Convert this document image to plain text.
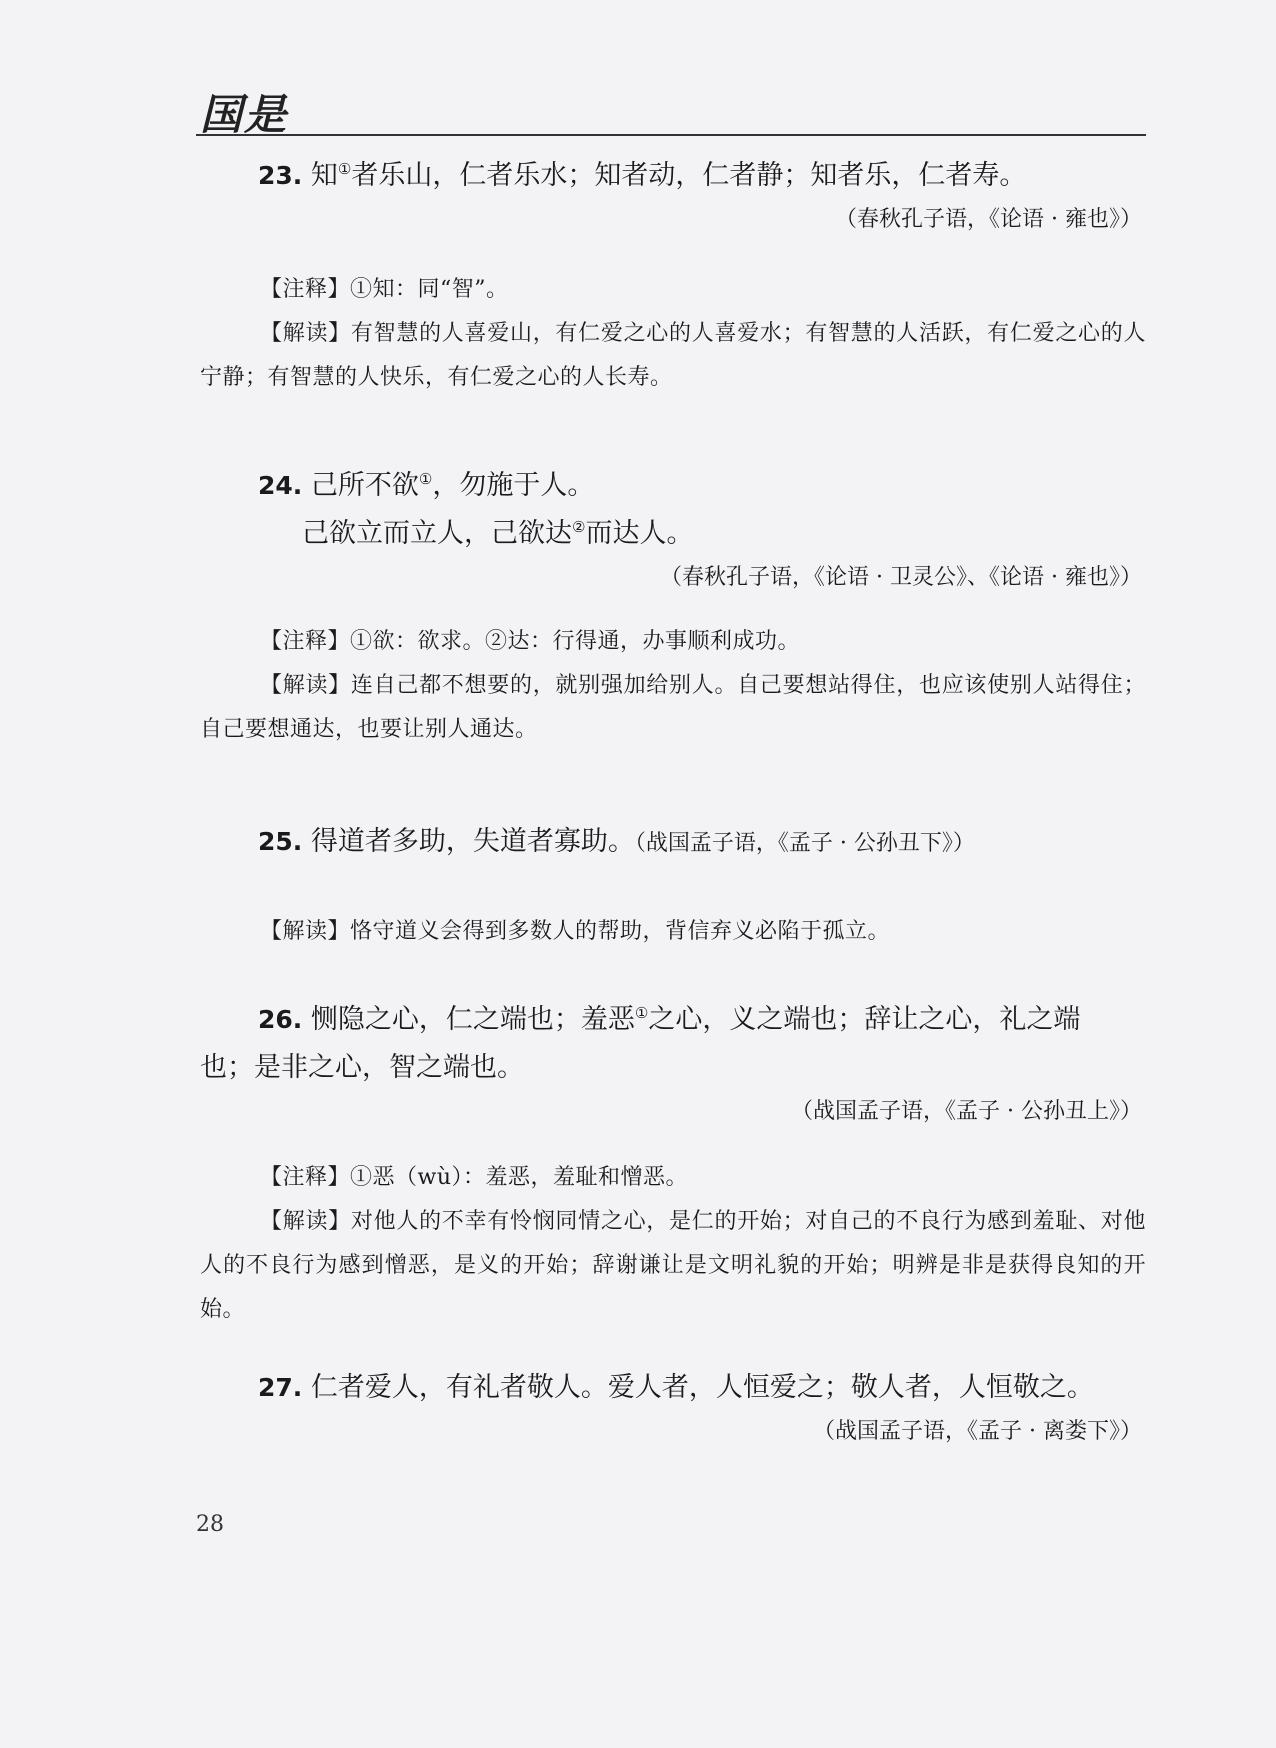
国是
23. 知①者乐山，仁者乐水；知者动，仁者静；知者乐，仁者寿。
（春秋孔子语，《论语 · 雍也》）
【注释】①知：同“智”。
【解读】有智慧的人喜爱山，有仁爱之心的人喜爱水；有智慧的人活跃，有仁爱之心的人宁静；有智慧的人快乐，有仁爱之心的人长寿。
24. 己所不欲①，勿施于人。
己欲立而立人，己欲达②而达人。
（春秋孔子语，《论语 · 卫灵公》、《论语 · 雍也》）
【注释】①欲：欲求。②达：行得通，办事顺利成功。
【解读】连自己都不想要的，就别强加给别人。自己要想站得住，也应该使别人站得住；自己要想通达，也要让别人通达。
25. 得道者多助，失道者寡助。（战国孟子语，《孟子 · 公孙丑下》）
【解读】恪守道义会得到多数人的帮助，背信弃义必陷于孤立。
26. 恻隐之心，仁之端也；羞恶①之心，义之端也；辞让之心，礼之端
也；是非之心，智之端也。
（战国孟子语，《孟子 · 公孙丑上》）
【注释】①恶（wù）：羞恶，羞耻和憎恶。
【解读】对他人的不幸有怜悯同情之心，是仁的开始；对自己的不良行为感到羞耻、对他人的不良行为感到憎恶，是义的开始；辞谢谦让是文明礼貌的开始；明辨是非是获得良知的开始。
27. 仁者爱人，有礼者敬人。爱人者，人恒爱之；敬人者，人恒敬之。
（战国孟子语，《孟子 · 离娄下》）
28
